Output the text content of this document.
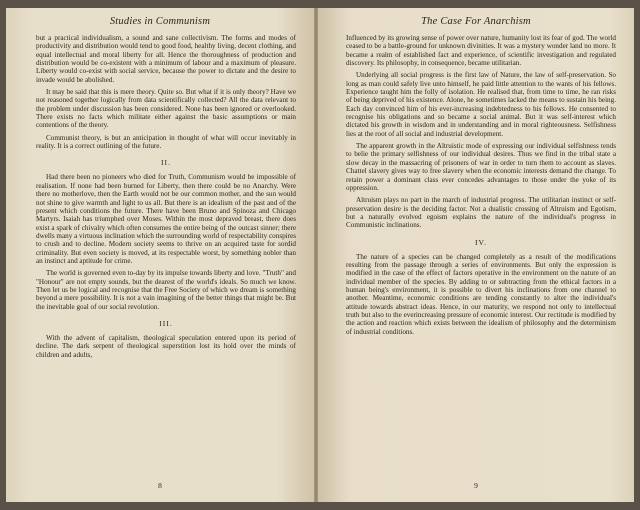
Studies in Communism

but a practical individualism, a sound and sane collectivism. The forms and modes of productivity and distribution would tend to good food, healthy living, decent clothing, and equal intellectual and moral liberty for all. Hence the thoroughness of production and distribution would be co-existent with a minimum of labour and a maximum of pleasure. Liberty would co-exist with social service, because the power to dictate and the desire to invade would be abolished.

It may be said that this is mere theory. Quite so. But what if it is only theory? Have we not reasoned together logically from data scientifically collected? All the data relevant to the problem under discussion has been considered. None has been ignored or overlooked. There exists no facts which militate either against the basic assumptions or main contentions of the theory.

Communist theory, is but an anticipation in thought of what will occur inevitably in reality. It is a correct outlining of the future.

II.

Had there been no pioneers who died for Truth, Communism would be impossible of realisation. If none had been burned for Liberty, then there could be no Anarchy. Were there no motherlove, then the Earth would not be our common mother, and the sun would not shine to give warmth and light to us all. But there is an idealism of the past and of the present which conditions the future. There have been Bruno and Spinoza and Chicago Martyrs. Isaiah has triumphed over Moses. Within the most depraved breast, there does exist a spark of chivalry which often consumes the entire being of the outcast sinner; there dwells many a virtuous inclination which the surrounding world of respectability conspires to crush and to decline. Modern society seems to thrive on an acquired taste for sordid criminality. But even society is moved, at its respectable worst, by something nobler than an instinct and aptitude for crime.

The world is governed even to-day by its impulse towards liberty and love. "Truth" and "Honour" are not empty sounds, but the dearest of the world's ideals. So much we know. Then let us be logical and recognise that the Free Society of which we dream is something beyond a mere possibility. It is not a vain imagining of the better things that might be. But the inevitable goal of our social revolution.

III.

With the advent of capitalism, theological speculation entered upon its period of decline. The dark serpent of theological superstition lost its hold over the minds of children and adults,

8
The Case For Anarchism

Influenced by its growing sense of power over nature, humanity lost its fear of god. The world ceased to be a battle-ground for unknown divinities. It was a mystery wonder land no more. It became a realm of established fact and experience, of scientific investigation and regulated discovery. Its philosophy, in consequence, became utilitarian.

Underlying all social progress is the first law of Nature, the law of self-preservation. So long as man could safely live unto himself, he paid little attention to the wants of his fellows. Experience taught him the folly of isolation. He realised that, from time to time, he ran risks of being deprived of his existence. Alone, he sometimes lacked the means to sustain his being. Each day convinced him of his ever-increasing indebtedness to his fellows. He consented to recognise his obligations and so became a social animal. But it was self-interest which dictated his growth in wisdom and in understanding and in moral righteousness. Selfishness lies at the root of all social and industrial development.

The apparent growth in the Altruistic mode of expressing our individual selfishness tends to belie the primary selfishness of our individual desires. Thus we find in the tribal state a slow decay in the massacring of prisoners of war in order to turn them to account as slaves. Chattel slavery gives way to free slavery when the economic interests demand the change. To retain power a dominant class ever concedes advantages to those under the yoke of its oppression.

Altruism plays no part in the march of industrial progress. The utilitarian instinct or self-preservation desire is the deciding factor. Not a dualistic crossing of Altruism and Egotism, but a naturally evolved egoism explains the nature of the individual's progress in Communistic inclinations.

IV.

The nature of a species can be changed completely as a result of the modifications resulting from the passage through a series of environments. But only the expression is modified in the case of the effect of factors operative in the environment on the nature of an individual member of the species. By adding to or subtracting from the ethical factors in a human being's environment, it is possible to divert his inclinations from one channel to another. Meantime, economic conditions are tending constantly to alter the individual's attitude towards abstract ideas. Hence, in our maturity, we respond not only to intellectual truth but also to the everincreasing pressure of economic interest. Our rectitude is modified by the action and reaction which exists between the idealism of philosophy and the determinism of industrial conditions.

9
